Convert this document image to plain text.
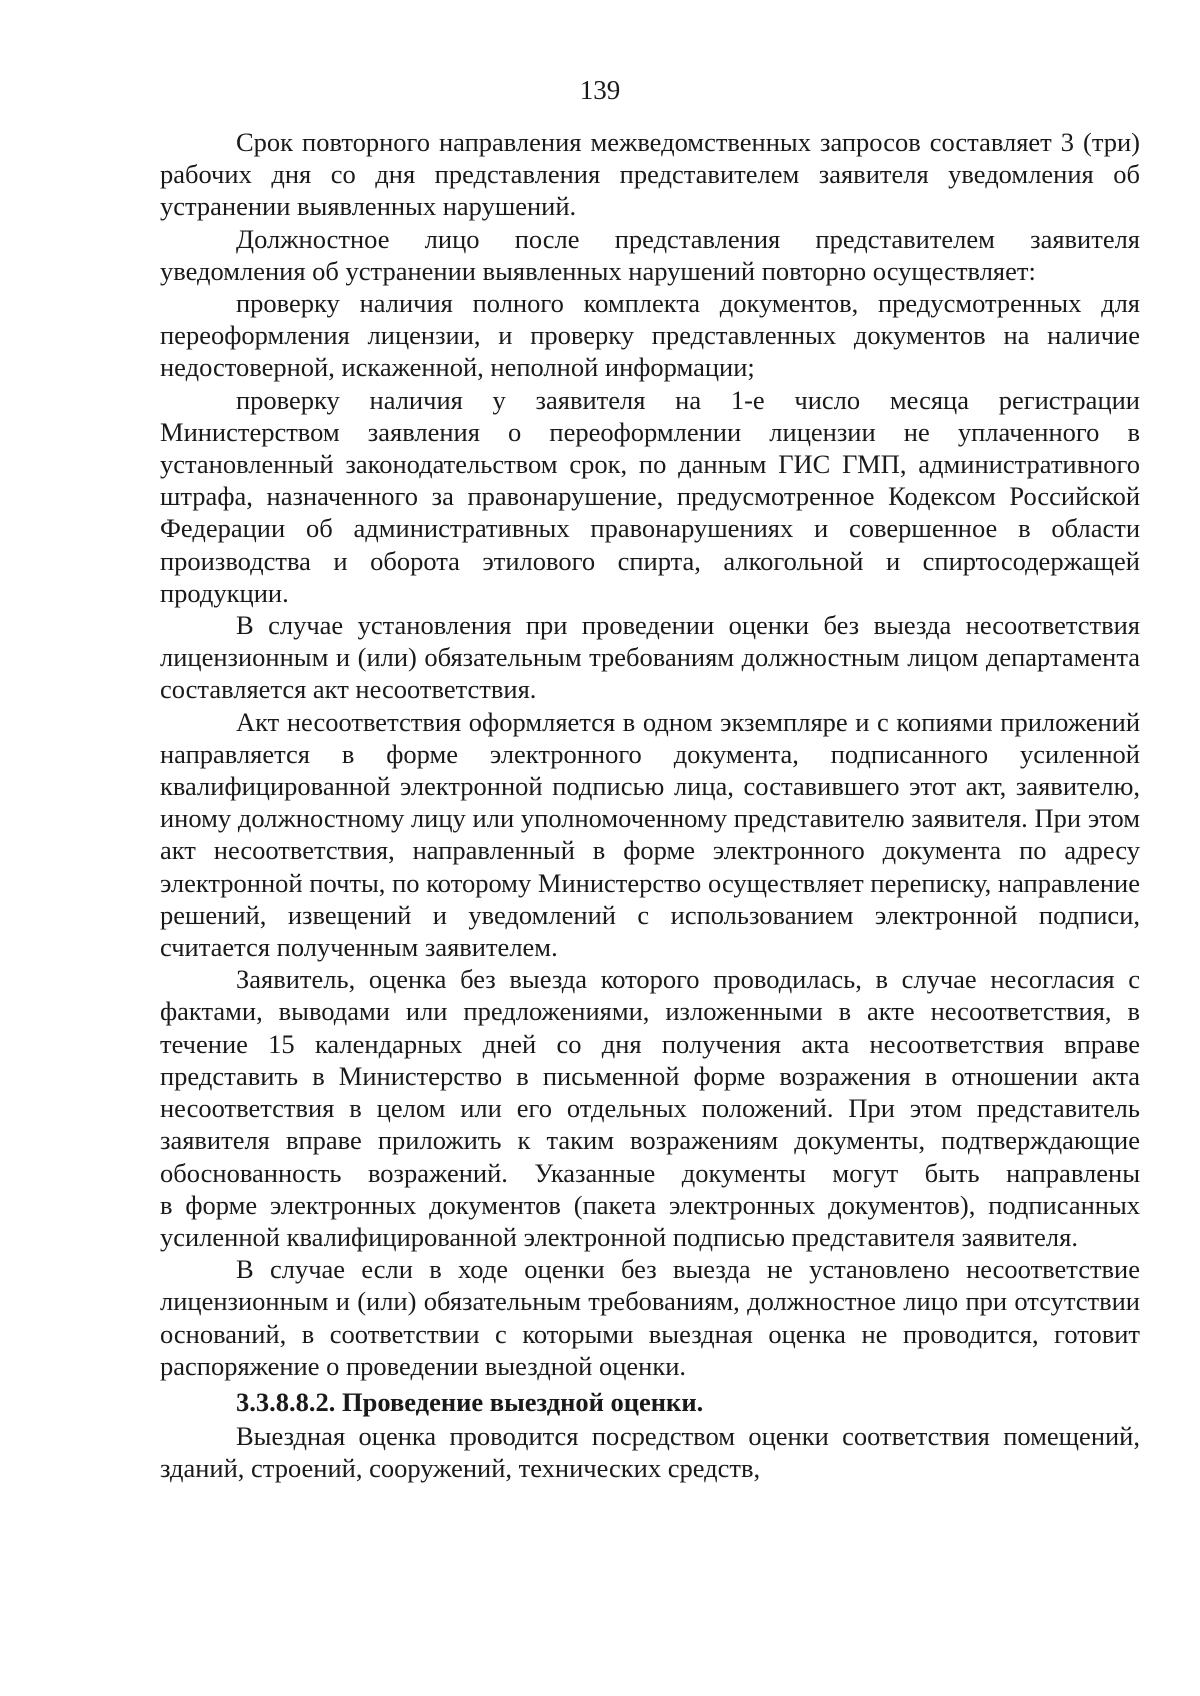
139

Срок повторного направления межведомственных запросов составляет 3 (три) рабочих дня со дня представления представителем заявителя уведомления об устранении выявленных нарушений.

Должностное лицо после представления представителем заявителя уведомления об устранении выявленных нарушений повторно осуществляет:

проверку наличия полного комплекта документов, предусмотренных для переоформления лицензии, и проверку представленных документов на наличие недостоверной, искаженной, неполной информации;

проверку наличия у заявителя на 1-е число месяца регистрации Министерством заявления о переоформлении лицензии не уплаченного в установленный законодательством срок, по данным ГИС ГМП, административного штрафа, назначенного за правонарушение, предусмотренное Кодексом Российской Федерации об административных правонарушениях и совершенное в области производства и оборота этилового спирта, алкогольной и спиртосодержащей продукции.

В случае установления при проведении оценки без выезда несоответствия лицензионным и (или) обязательным требованиям должностным лицом департамента составляется акт несоответствия.

Акт несоответствия оформляется в одном экземпляре и с копиями приложений направляется в форме электронного документа, подписанного усиленной квалифицированной электронной подписью лица, составившего этот акт, заявителю, иному должностному лицу или уполномоченному представителю заявителя. При этом акт несоответствия, направленный в форме электронного документа по адресу электронной почты, по которому Министерство осуществляет переписку, направление решений, извещений и уведомлений с использованием электронной подписи, считается полученным заявителем.

Заявитель, оценка без выезда которого проводилась, в случае несогласия с фактами, выводами или предложениями, изложенными в акте несоответствия, в течение 15 календарных дней со дня получения акта несоответствия вправе представить в Министерство в письменной форме возражения в отношении акта несоответствия в целом или его отдельных положений. При этом представитель заявителя вправе приложить к таким возражениям документы, подтверждающие обоснованность возражений. Указанные документы могут быть направлены

в форме электронных документов (пакета электронных документов), подписанных усиленной квалифицированной электронной подписью представителя заявителя.

В случае если в ходе оценки без выезда не установлено несоответствие лицензионным и (или) обязательным требованиям, должностное лицо при отсутствии оснований, в соответствии с которыми выездная оценка не проводится, готовит распоряжение о проведении выездной оценки.

3.3.8.8.2. Проведение выездной оценки.

Выездная оценка проводится посредством оценки соответствия помещений, зданий, строений, сооружений, технических средств,
